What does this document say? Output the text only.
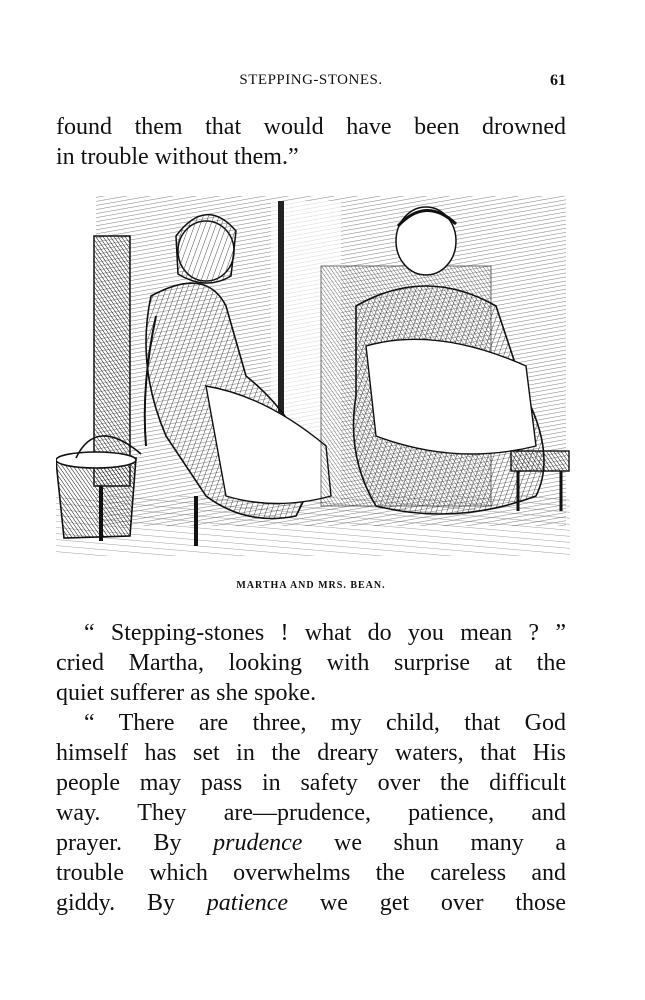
STEPPING-STONES.	61
found them that would have been drowned
in trouble without them.”
MARTHA AND MRS. BEAN.
“ Stepping-stones ! what do you mean ? ”
cried Martha, looking with surprise at the
quiet sufferer as she spoke.
“ There are three, my child, that God
himself has set in the dreary waters, that His
people may pass in safety over the difficult
way. They are—prudence, patience, and
prayer. By prudence we shun many a
trouble which overwhelms the careless and
giddy. By patience we get over those
